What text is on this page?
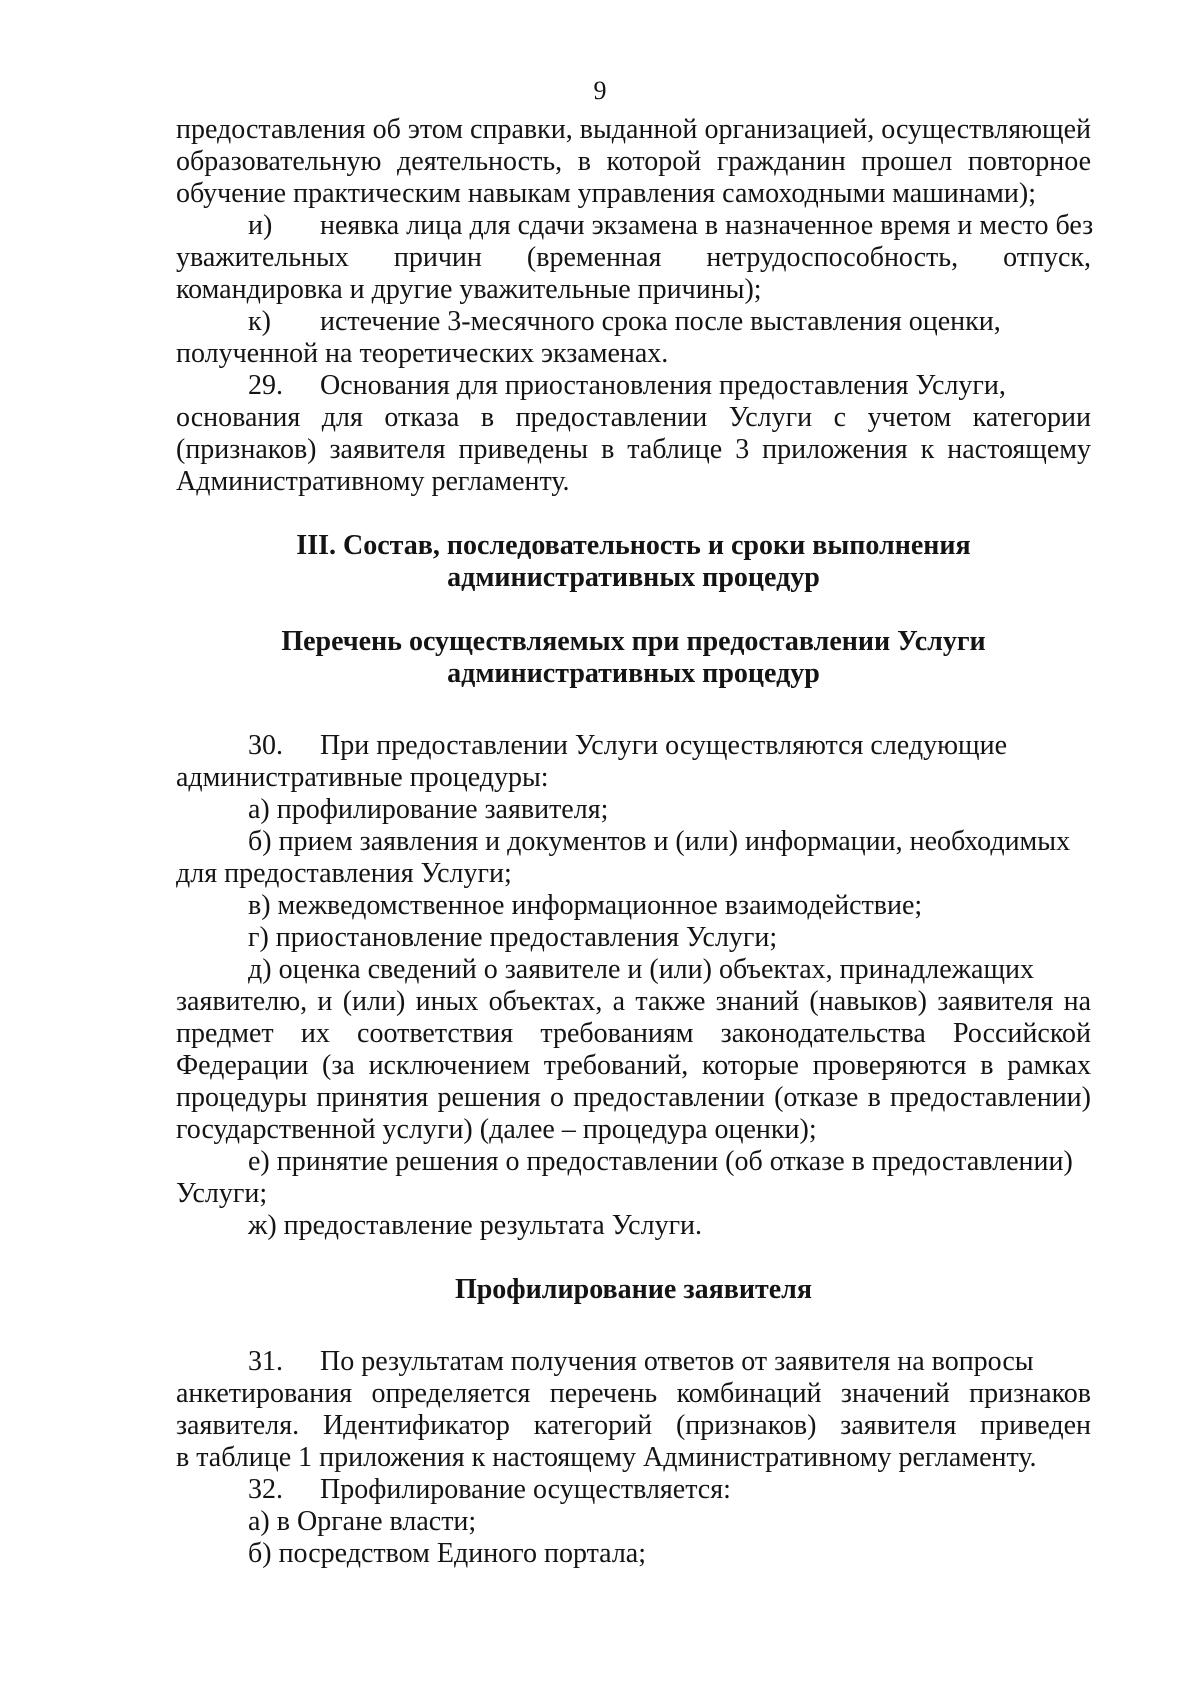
9
предоставления об этом справки, выданной организацией, осуществляющей
образовательную деятельность, в которой гражданин прошел повторное
обучение практическим навыкам управления самоходными машинами);
и) неявка лица для сдачи экзамена в назначенное время и место без
уважительных причин (временная нетрудоспособность, отпуск,
командировка и другие уважительные причины);
к) истечение 3-месячного срока после выставления оценки,
полученной на теоретических экзаменах.
29. Основания для приостановления предоставления Услуги,
основания для отказа в предоставлении Услуги с учетом категории
(признаков) заявителя приведены в таблице 3 приложения к настоящему
Административному регламенту.
III. Состав, последовательность и сроки выполнения
административных процедур
Перечень осуществляемых при предоставлении Услуги
административных процедур
30. При предоставлении Услуги осуществляются следующие
административные процедуры:
а) профилирование заявителя;
б) прием заявления и документов и (или) информации, необходимых
для предоставления Услуги;
в) межведомственное информационное взаимодействие;
г) приостановление предоставления Услуги;
д) оценка сведений о заявителе и (или) объектах, принадлежащих
заявителю, и (или) иных объектах, а также знаний (навыков) заявителя на
предмет их соответствия требованиям законодательства Российской
Федерации (за исключением требований, которые проверяются в рамках
процедуры принятия решения о предоставлении (отказе в предоставлении)
государственной услуги) (далее – процедура оценки);
е) принятие решения о предоставлении (об отказе в предоставлении)
Услуги;
ж) предоставление результата Услуги.
Профилирование заявителя
31. По результатам получения ответов от заявителя на вопросы
анкетирования определяется перечень комбинаций значений признаков
заявителя. Идентификатор категорий (признаков) заявителя приведен
в таблице 1 приложения к настоящему Административному регламенту.
32. Профилирование осуществляется:
а) в Органе власти;
б) посредством Единого портала;
